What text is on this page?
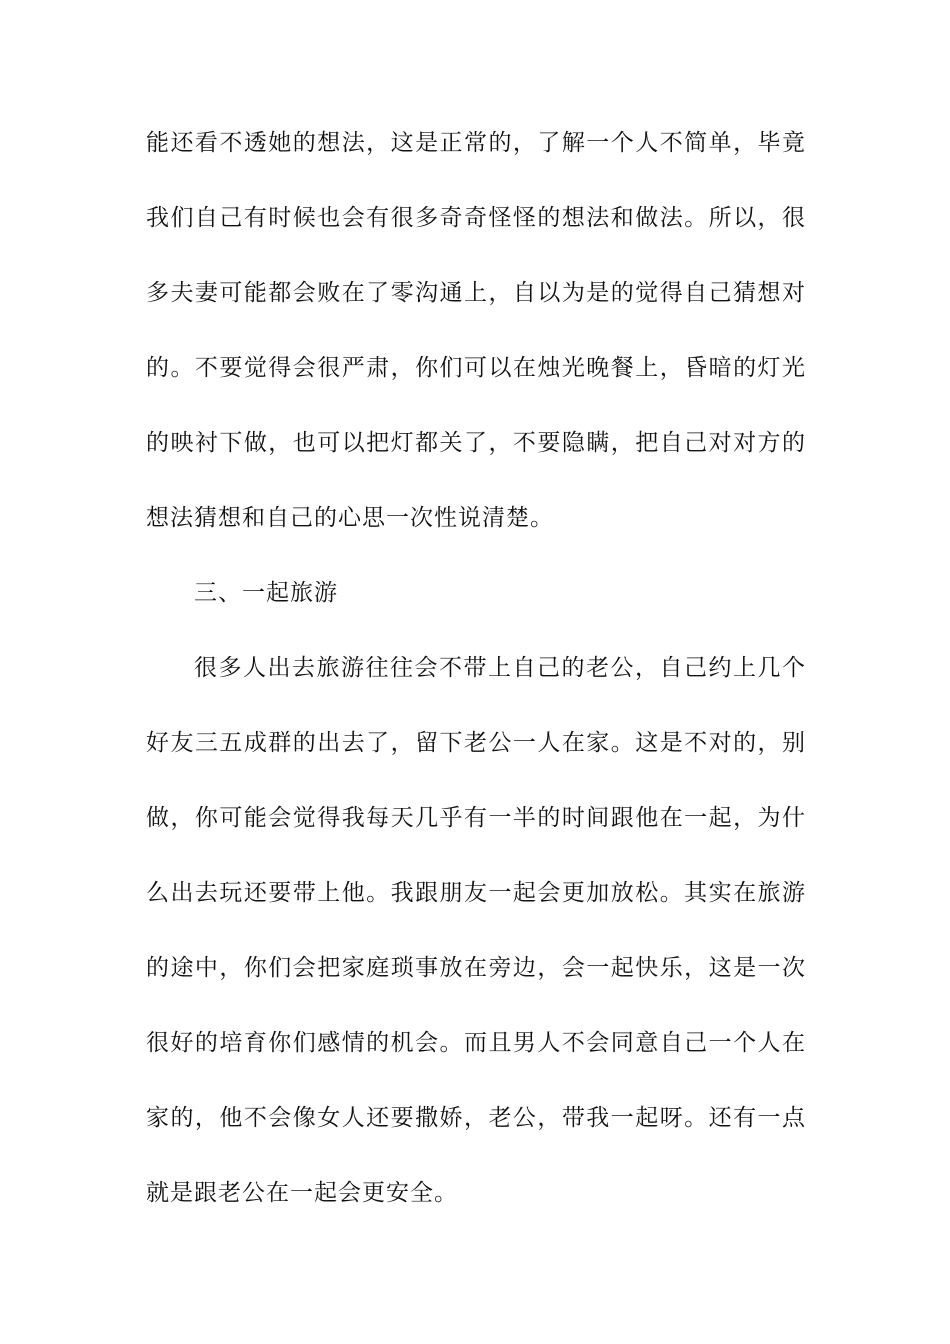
能还看不透她的想法，这是正常的，了解一个人不简单，毕竟
我们自己有时候也会有很多奇奇怪怪的想法和做法。所以，很
多夫妻可能都会败在了零沟通上，自以为是的觉得自己猜想对
的。不要觉得会很严肃，你们可以在烛光晚餐上，昏暗的灯光
的映衬下做，也可以把灯都关了，不要隐瞒，把自己对对方的
想法猜想和自己的心思一次性说清楚。
三、一起旅游
很多人出去旅游往往会不带上自己的老公，自己约上几个
好友三五成群的出去了，留下老公一人在家。这是不对的，别
做，你可能会觉得我每天几乎有一半的时间跟他在一起，为什
么出去玩还要带上他。我跟朋友一起会更加放松。其实在旅游
的途中，你们会把家庭琐事放在旁边，会一起快乐，这是一次
很好的培育你们感情的机会。而且男人不会同意自己一个人在
家的，他不会像女人还要撒娇，老公，带我一起呀。还有一点
就是跟老公在一起会更安全。
